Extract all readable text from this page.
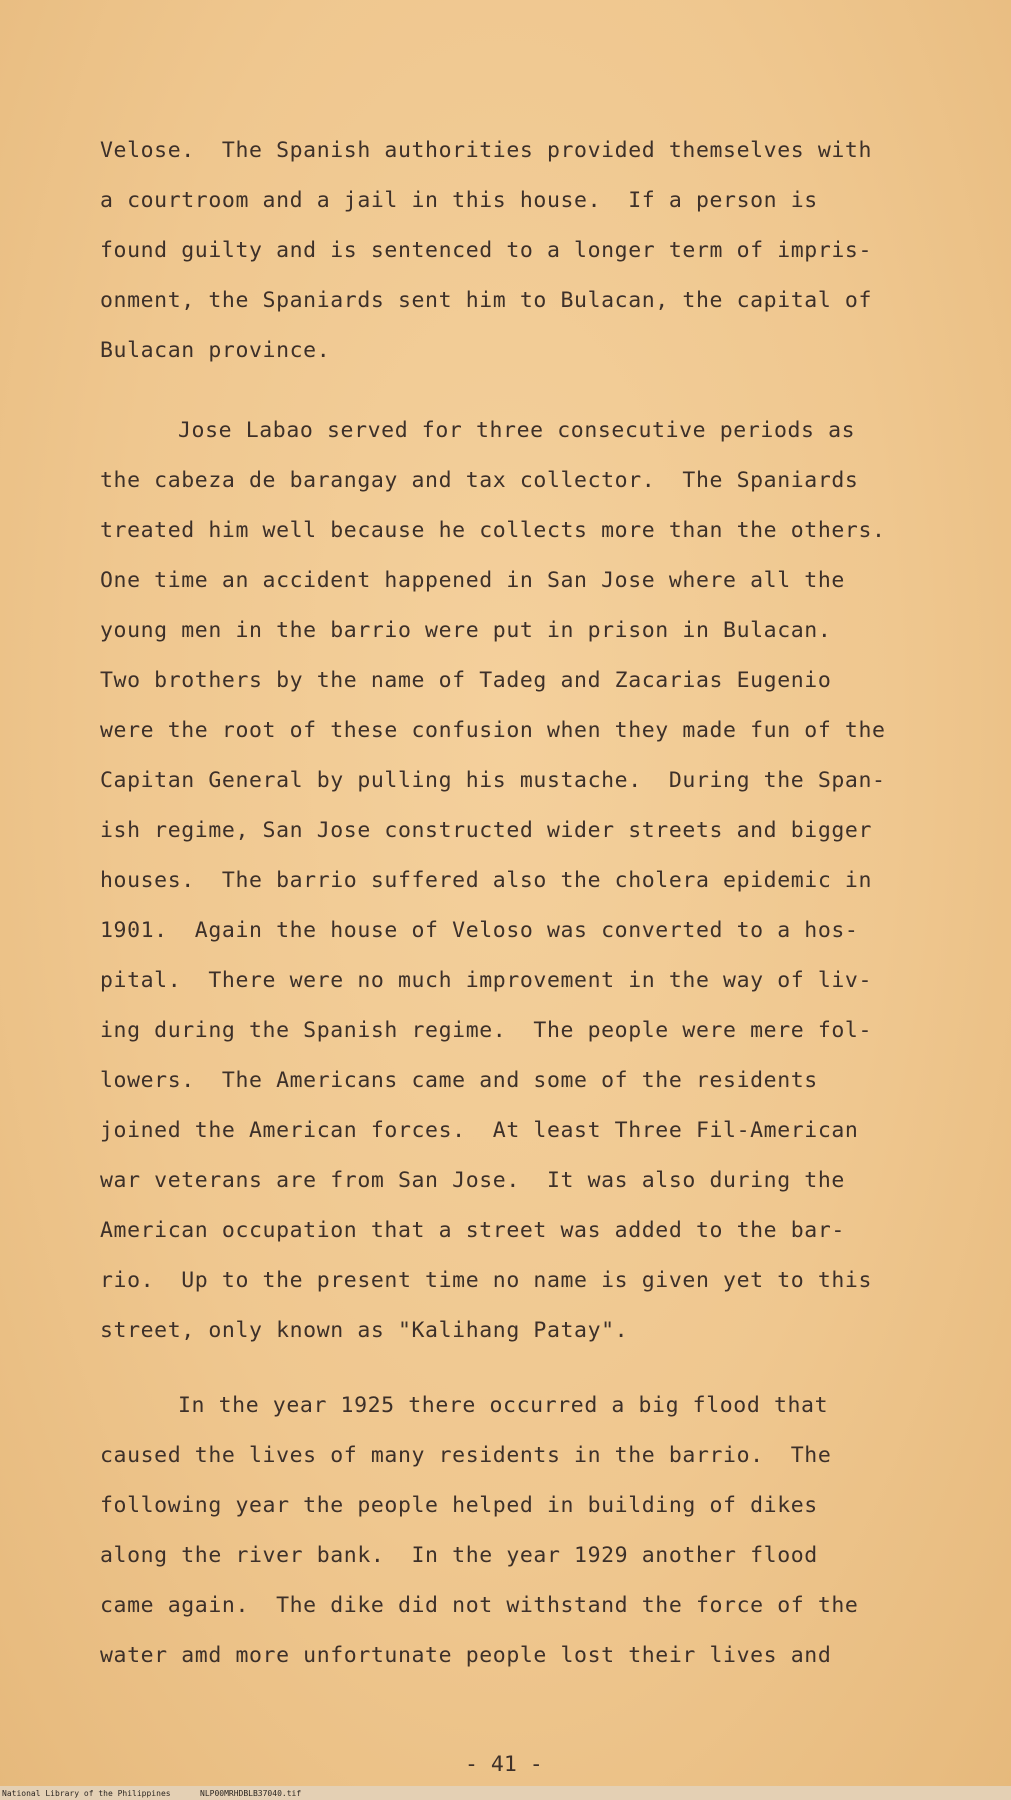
Velose.  The Spanish authorities provided themselves with
a courtroom and a jail in this house.  If a person is
found guilty and is sentenced to a longer term of impris-
onment, the Spaniards sent him to Bulacan, the capital of
Bulacan province.
Jose Labao served for three consecutive periods as
the cabeza de barangay and tax collector.  The Spaniards
treated him well because he collects more than the others.
One time an accident happened in San Jose where all the
young men in the barrio were put in prison in Bulacan.
Two brothers by the name of Tadeg and Zacarias Eugenio
were the root of these confusion when they made fun of the
Capitan General by pulling his mustache.  During the Span-
ish regime, San Jose constructed wider streets and bigger
houses.  The barrio suffered also the cholera epidemic in
1901.  Again the house of Veloso was converted to a hos-
pital.  There were no much improvement in the way of liv-
ing during the Spanish regime.  The people were mere fol-
lowers.  The Americans came and some of the residents
joined the American forces.  At least Three Fil-American
war veterans are from San Jose.  It was also during the
American occupation that a street was added to the bar-
rio.  Up to the present time no name is given yet to this
street, only known as "Kalihang Patay".
In the year 1925 there occurred a big flood that
caused the lives of many residents in the barrio.  The
following year the people helped in building of dikes
along the river bank.  In the year 1929 another flood
came again.  The dike did not withstand the force of the
water amd more unfortunate people lost their lives and
- 41 -
National Library of the Philippines	NLP00MRHDBLB37040.tif
